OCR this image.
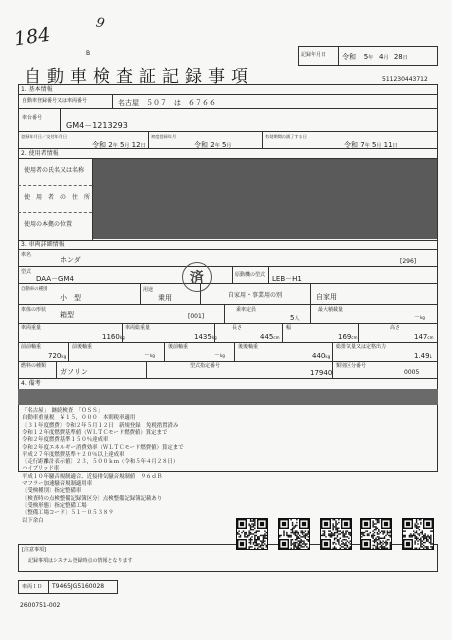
184
9
B
自動車検査証記録事項
記録年月日 令和 5年 4月 28日
511230443712
1. 基本情報
自動車登録番号又は車両番号	名古屋　５０７　は　６７６６
車台番号
GM4－1213293
登録年月日／交付年月日
令和 2年 5月 12日
初度登録年月
令和 2年 5月
有効期間の満了する日
令和 7年 5月 11日
2. 使用者情報
使用者の氏名又は名称
使　用　者　の　住　所
使用の本拠の位置
3. 車両詳細情報
車名
ホンダ	[296]
型式
DAA－GM4	原動機の型式 LEB－H1
自動車の種別
小　型
用途
乗用	自家用・事業用の別	自家用
車体の形状
箱型	[001]
乗車定員
5人
最大積載量
－kg
車両重量
1160kg
車両総重量
1435kg
長さ
445cm
幅
169cm
高さ
147cm
前前軸重
720kg
前後軸重
－kg
後前軸重
－kg
後後軸重
440kg
総排気量又は定格出力
1.49L
燃料の種類
ガソリン
型式指定番号
17940
類別区分番号
0005
済
4. 備考
「名古屋」　継続検査　「ＯＳＳ」
自動車重量税　￥１５，０００　本則税率適用
〔３１年度燃費〕令和２年５月１２日　新規登録　免税措置済み
令和１２年度燃費基準値（ＷＬＴＣモード燃費値）算定まで
令和２年度燃費基準１５０％達成車
令和２年度エネルギー消費効率（ＷＬＴＣモード燃費値）算定まで
平成２７年度燃費基準＋２０％以上達成車
〔走行距離計表示値〕２３，５００ｋｍ（令和５年４月２８日）
ハイブリッド車
平成１０年騒音規制適合、近接排気騒音規制値　９６ｄＢ
マフラー加速騒音規制適用車
〔受検種別〕指定整備車
〔検査時の点検整備記録簿区分〕点検整備記録簿記載あり
〔受検形態〕指定整備工場
〔整備工場コード〕５１－０５３８９
以下余白
[注意事項]
記録事項はシステム登録時点の情報となります
車両ＩＤ T9465JG5160028
2600751-002
